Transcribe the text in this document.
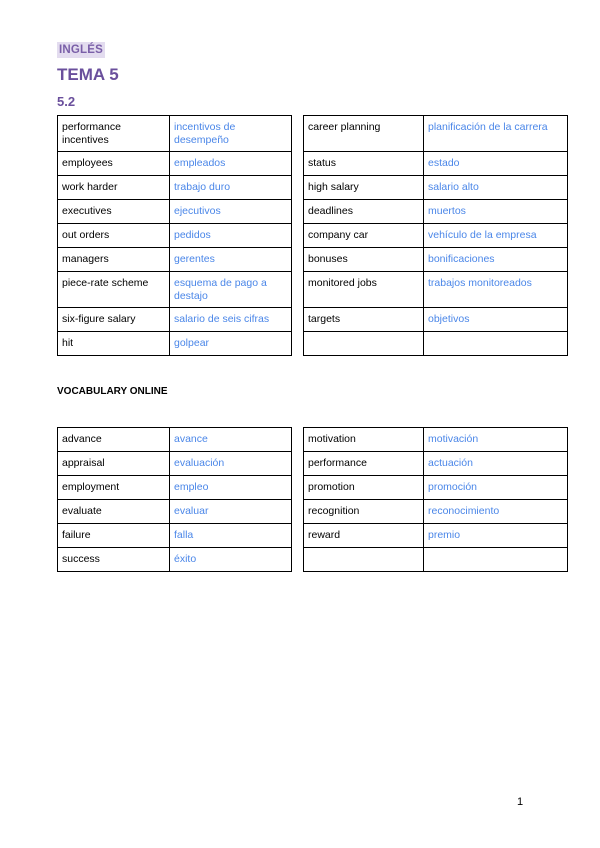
INGLÉS
TEMA 5
5.2
performance incentives	incentivos de desempeño
employees	empleados
work harder	trabajo duro
executives	ejecutivos
out orders	pedidos
managers	gerentes
piece-rate scheme	esquema de pago a destajo
six-figure salary	salario de seis cifras
hit	golpear
career planning	planificación de la carrera
status	estado
high salary	salario alto
deadlines	muertos
company car	vehículo de la empresa
bonuses	bonificaciones
monitored jobs	trabajos monitoreados
targets	objetivos

VOCABULARY ONLINE
advance	avance
appraisal	evaluación
employment	empleo
evaluate	evaluar
failure	falla
success	éxito
motivation	motivación
performance	actuación
promotion	promoción
recognition	reconocimiento
reward	premio

1
